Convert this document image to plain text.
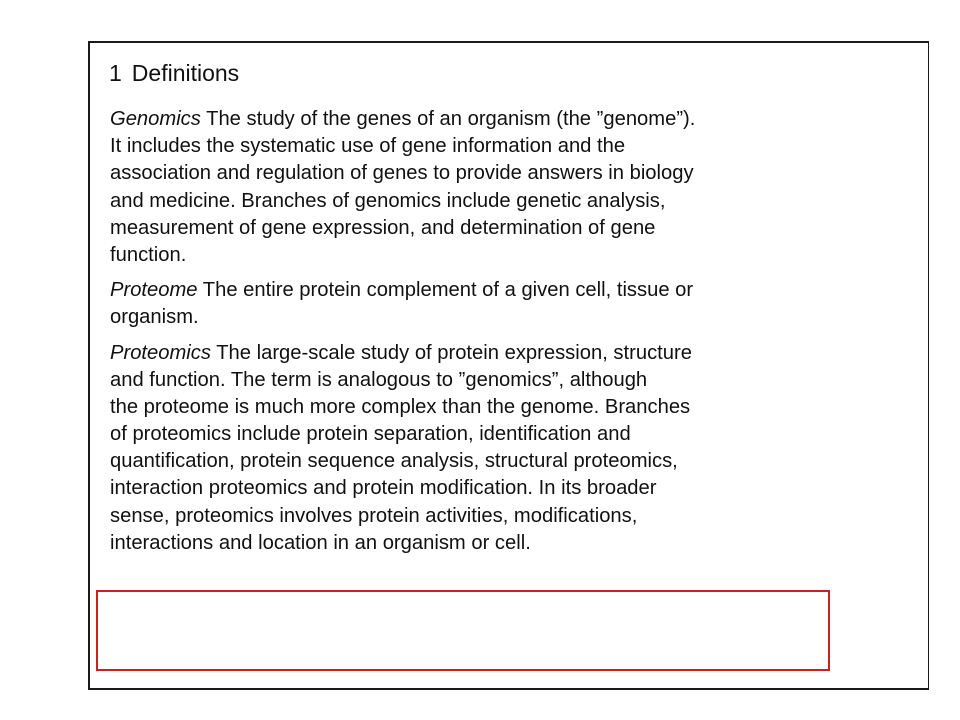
1 Definitions
Genomics The study of the genes of an organism (the ”genome”).
It includes the systematic use of gene information and the
association and regulation of genes to provide answers in biology
and medicine. Branches of genomics include genetic analysis,
measurement of gene expression, and determination of gene
function.
Proteome The entire protein complement of a given cell, tissue or
organism.
Proteomics The large-scale study of protein expression, structure
and function. The term is analogous to ”genomics”, although
the proteome is much more complex than the genome. Branches
of proteomics include protein separation, identification and
quantification, protein sequence analysis, structural proteomics,
interaction proteomics and protein modification. In its broader
sense, proteomics involves protein activities, modifications,
interactions and location in an organism or cell.
